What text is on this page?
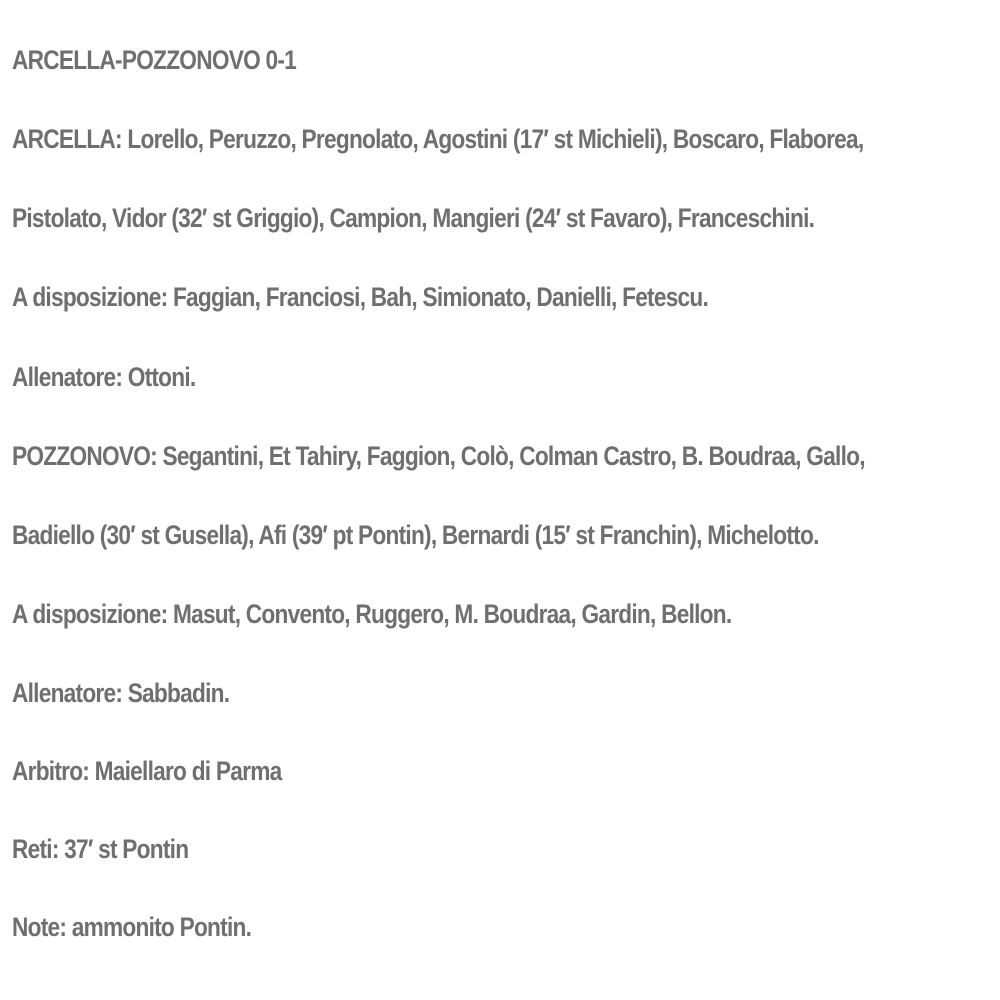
ARCELLA-POZZONOVO 0-1
ARCELLA: Lorello, Peruzzo, Pregnolato, Agostini (17′ st Michieli), Boscaro, Flaborea,
Pistolato, Vidor (32′ st Griggio), Campion, Mangieri (24′ st Favaro), Franceschini.
A disposizione: Faggian, Franciosi, Bah, Simionato, Danielli, Fetescu.
Allenatore: Ottoni.
POZZONOVO: Segantini, Et Tahiry, Faggion, Colò, Colman Castro, B. Boudraa, Gallo,
Badiello (30′ st Gusella), Afi (39′ pt Pontin), Bernardi (15′ st Franchin), Michelotto.
A disposizione: Masut, Convento, Ruggero, M. Boudraa, Gardin, Bellon.
Allenatore: Sabbadin.
Arbitro: Maiellaro di Parma
Reti: 37′ st Pontin
Note: ammonito Pontin.
